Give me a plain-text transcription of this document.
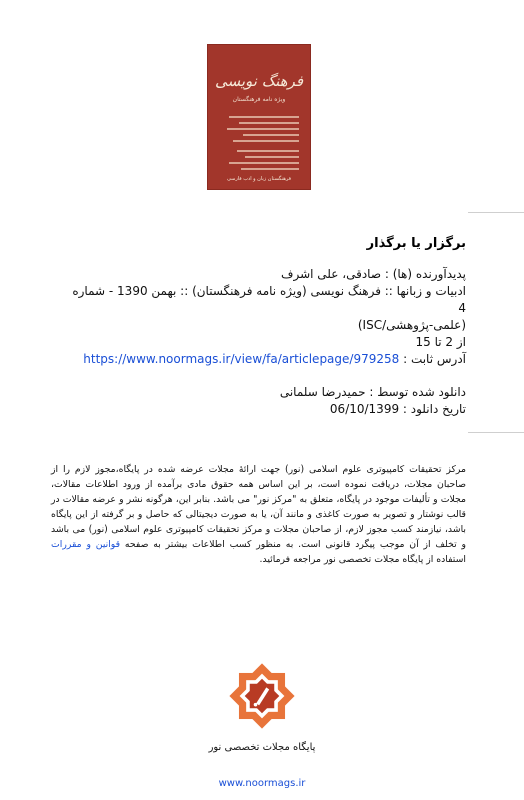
فرهنگ نویسی
ویژه نامه فرهنگستان
فرهنگستان زبان و ادب فارسی
برگزار یا برگذار

پدیدآورنده (ها) : صادقی، علی اشرف

ادبیات و زبانها :: فرهنگ نویسی (ویژه نامه فرهنگستان) :: بهمن 1390 - شماره 4

(علمی-پژوهشی/ISC)

از 2 تا 15

آدرس ثابت : https://www.noormags.ir/view/fa/articlepage/979258

دانلود شده توسط : حمیدرضا سلمانی

تاریخ دانلود : 06/10/1399

مرکز تحقیقات کامپیوتری علوم اسلامی (نور) جهت ارائهٔ مجلات عرضه شده در پایگاه،مجوز لازم را از صاحبان مجلات، دریافت نموده است، بر این اساس همه حقوق مادی برآمده از ورود اطلاعات مقالات، مجلات و تألیفات موجود در پایگاه، متعلق به "مرکز نور" می باشد. بنابر این، هرگونه نشر و عرضه مقالات در قالب نوشتار و تصویر به صورت کاغذی و مانند آن، یا به صورت دیجیتالی که حاصل و بر گرفته از این پایگاه باشد، نیازمند کسب مجوز لازم، از صاحبان مجلات و مرکز تحقیقات کامپیوتری علوم اسلامی (نور) می باشد و تخلف از آن موجب پیگرد قانونی است. به منظور کسب اطلاعات بیشتر به صفحه قوانین و مقررات استفاده از پایگاه مجلات تخصصی نور مراجعه فرمائید.
پایگاه مجلات تخصصی نور
www.noormags.ir
